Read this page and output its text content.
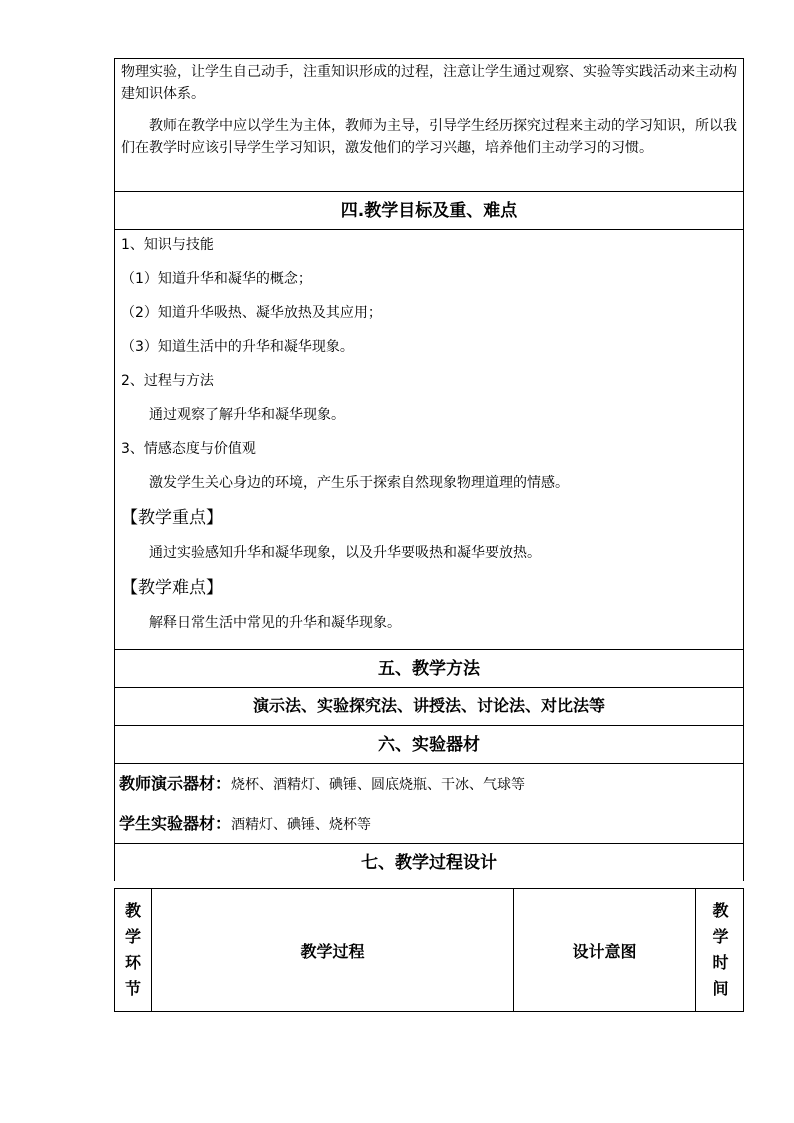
物理实验，让学生自己动手，注重知识形成的过程，注意让学生通过观察、实验等实践活动来主动构建知识体系。

教师在教学中应以学生为主体，教师为主导，引导学生经历探究过程来主动的学习知识，所以我们在教学时应该引导学生学习知识，激发他们的学习兴趣，培养他们主动学习的习惯。

四.教学目标及重、难点
1、知识与技能
（1）知道升华和凝华的概念；
（2）知道升华吸热、凝华放热及其应用；
（3）知道生活中的升华和凝华现象。
2、过程与方法
通过观察了解升华和凝华现象。
3、情感态度与价值观
激发学生关心身边的环境，产生乐于探索自然现象物理道理的情感。
【教学重点】
通过实验感知升华和凝华现象，以及升华要吸热和凝华要放热。
【教学难点】
解释日常生活中常见的升华和凝华现象。
五、教学方法
演示法、实验探究法、讲授法、讨论法、对比法等
六、实验器材
教师演示器材：烧杯、酒精灯、碘锤、圆底烧瓶、干冰、气球等
学生实验器材：酒精灯、碘锤、烧杯等
七、教学过程设计
教学环节
教学过程	设计意图
教学时间
